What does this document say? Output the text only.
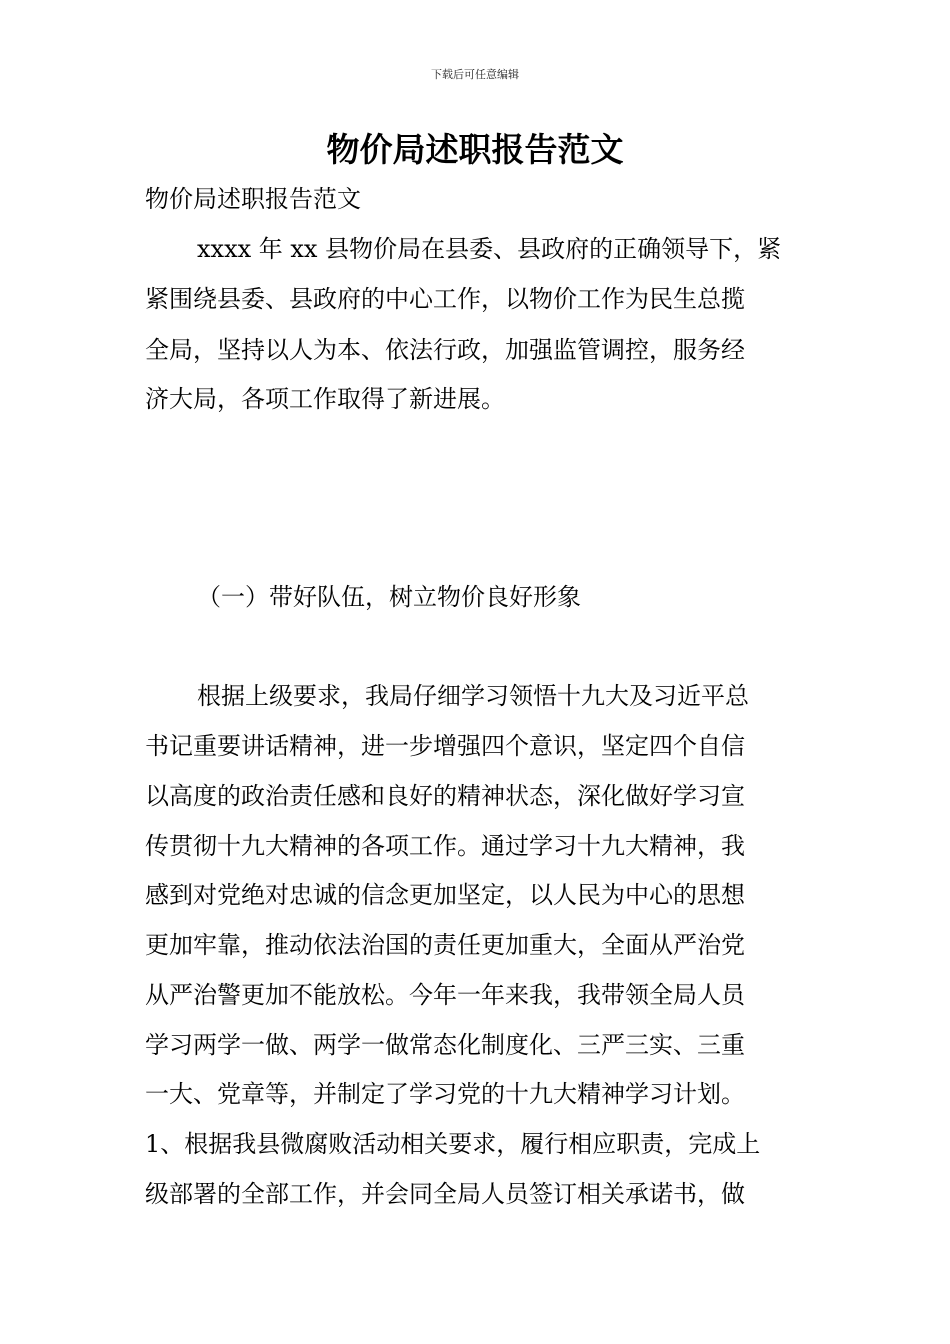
下载后可任意编辑
物价局述职报告范文

物价局述职报告范文

xxxx 年 xx 县物价局在县委、县政府的正确领导下，紧
紧围绕县委、县政府的中心工作，以物价工作为民生总揽
全局，坚持以人为本、依法行政，加强监管调控，服务经
济大局，各项工作取得了新进展。
（一）带好队伍，树立物价良好形象
根据上级要求，我局仔细学习领悟十九大及习近平总
书记重要讲话精神，进一步增强四个意识，坚定四个自信
以高度的政治责任感和良好的精神状态，深化做好学习宣
传贯彻十九大精神的各项工作。通过学习十九大精神，我
感到对党绝对忠诚的信念更加坚定，以人民为中心的思想
更加牢靠，推动依法治国的责任更加重大，全面从严治党
从严治警更加不能放松。今年一年来我，我带领全局人员
学习两学一做、两学一做常态化制度化、三严三实、三重
一大、党章等，并制定了学习党的十九大精神学习计划。
1、根据我县微腐败活动相关要求，履行相应职责，完成上
级部署的全部工作，并会同全局人员签订相关承诺书，做
